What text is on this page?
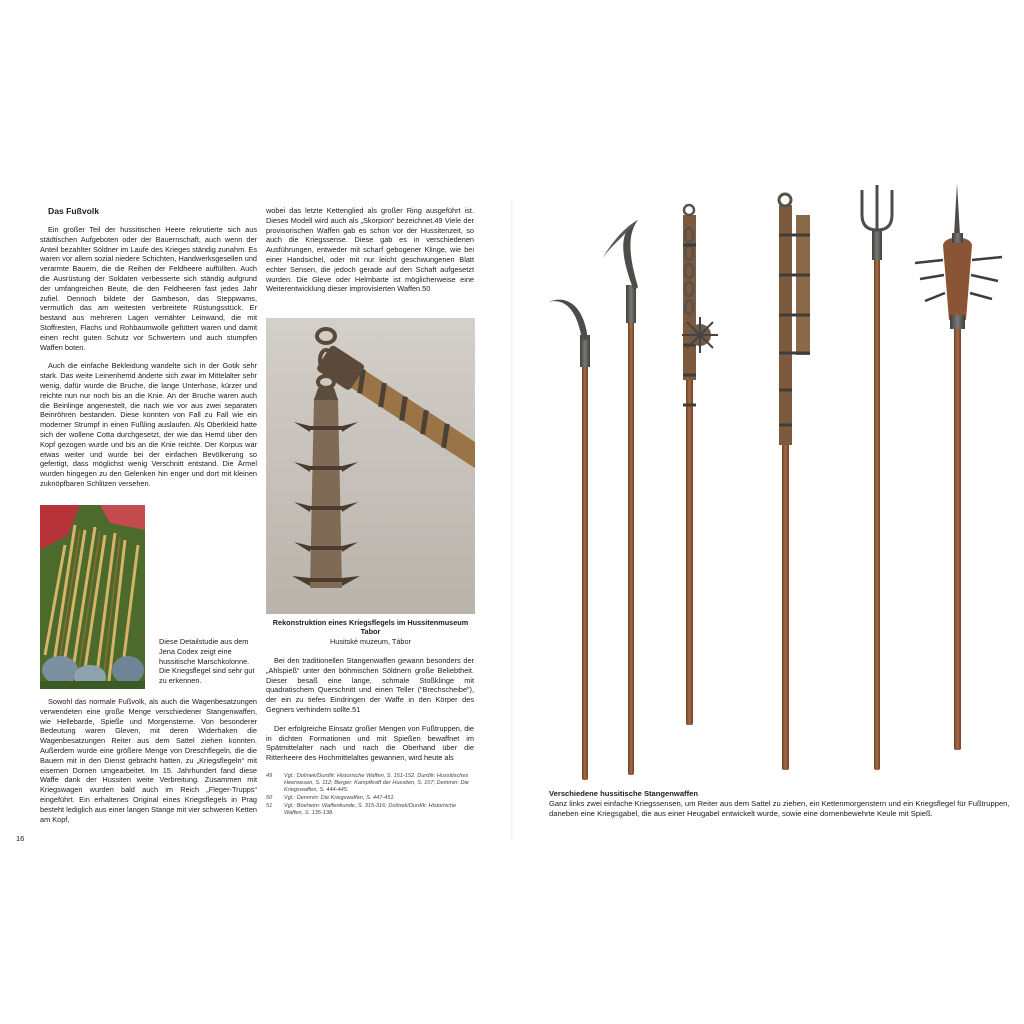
Das Fußvolk

Ein großer Teil der hussitischen Heere rekrutierte sich aus städtischen Aufgeboten oder der Bauernschaft, auch wenn der Anteil bezahlter Söldner im Laufe des Krieges ständig zunahm. Es waren vor allem sozial niedere Schichten, Handwerksgesellen und verarmte Bauern, die die Reihen der Feldheere auffüllten. Auch die Ausrüstung der Soldaten verbesserte sich ständig aufgrund der umfangreichen Beute, die den Feldheeren fast jedes Jahr zufiel. Dennoch bildete der Gambeson, das Steppwams, vermutlich das am weitesten verbreitete Rüstungsstück. Er bestand aus mehreren Lagen vernähter Leinwand, die mit Stoffresten, Flachs und Rohbaumwolle gefüttert waren und damit einen recht guten Schutz vor Schwertern und auch stumpfen Waffen boten.

Auch die einfache Bekleidung wandelte sich in der Gotik sehr stark. Das weite Leinenhemd änderte sich zwar im Mittelalter sehr wenig, dafür wurde die Bruche, die lange Unterhose, kürzer und reichte nun nur noch bis an die Knie. An der Bruche waren auch die Beinlinge angenestelt, die nach wie vor aus zwei separaten Beinröhren bestanden. Diese konnten von Fall zu Fall wie ein moderner Strumpf in einen Fußling auslaufen. Als Oberkleid hatte sich der wollene Cotta durchgesetzt, der wie das Hemd über den Kopf gezogen wurde und bis an die Knie reichte. Der Korpus war etwas weiter und wurde bei der einfachen Bevölkerung so gefertigt, dass möglichst wenig Verschnitt entstand. Die Ärmel wurden hingegen zu den Gelenken hin enger und dort mit kleinen zuknöpfbaren Schlitzen versehen.

Diese Detailstudie aus dem Jena Codex zeigt eine hussitische Marschkolonne. Die Kriegsflegel sind sehr gut zu erkennen.

Sowohl das normale Fußvolk, als auch die Wagenbesatzungen verwendeten eine große Menge verschiedener Stangenwaffen, wie Hellebarde, Spieße und Morgensterne. Von besonderer Bedeutung waren Gleven, mit deren Widerhaken die Wagenbesatzungen Reiter aus dem Sattel ziehen konnten. Außerdem wurde eine größere Menge von Dreschflegeln, die die Bauern mit in den Dienst gebracht hatten, zu „Kriegsflegeln“ mit eisernen Dornen umgearbeitet. Im 15. Jahrhundert fand diese Waffe dank der Hussiten weite Verbreitung. Zusammen mit Kriegswagen wurden bald auch im Reich „Fleger-Trupps“ eingeführt. Ein erhaltenes Original eines Kriegsflegels in Prag besteht lediglich aus einer langen Stange mit vier schweren Ketten am Kopf,

wobei das letzte Kettenglied als großer Ring ausgeführt ist. Dieses Modell wird auch als „Skorpion“ bezeichnet.49 Viele der provisorischen Waffen gab es schon vor der Hussitenzeit, so auch die Kriegssense. Diese gab es in verschiedenen Ausführungen, entweder mit scharf gebogener Klinge, wie bei einer Handsichel, oder mit nur leicht geschwungenen Blatt echter Sensen, die jedoch gerade auf den Schaft aufgesetzt wurden. Die Gleve oder Helmbarte ist möglicherweise eine Weiterentwicklung dieser improvisierten Waffen.50

Rekonstruktion eines Kriegsflegels im Hussitenmuseum Tabor
Husitské muzeum, Tábor

Bei den traditionellen Stangenwaffen gewann besonders der „Ahlspieß“ unter den böhmischen Söldnern große Beliebtheit. Dieser besaß eine lange, schmale Stoßklinge mit quadratischem Querschnitt und einen Teller (“Brechscheibe”), der ein zu tiefes Eindringen der Waffe in den Körper des Gegners verhindern sollte.51

Der erfolgreiche Einsatz großer Mengen von Fußtruppen, die in dichten Formationen und mit Spießen bewaffnet im Spätmittelalter nach und nach die Oberhand über die Ritterheere des Hochmittelaltes gewannen, wird heute als

49	Vgl.: Dolínek/Durdík: Historische Waffen, S. 151-152. Durdík: Hussitisches Heerwesen, S. 112; Berger: Kampfkraft der Hussiten, S. 107; Demmin: Die Kriegswaffen, S. 444-445.
50	Vgl.: Demmin: Die Kriegswaffen, S. 447-451.
51	Vgl.: Boeheim: Waffenkunde, S. 315-316; Dolínek/Durdík: Historische Waffen, S. 135-138.
16
Verschiedene hussitische Stangenwaffen
Ganz links zwei einfache Kriegssensen, um Reiter aus dem Sattel zu ziehen, ein Kettenmorgenstern und ein Kriegsflegel für Fußtruppen, daneben eine Kriegsgabel, die aus einer Heugabel entwickelt wurde, sowie eine dornenbewehrte Keule mit Spieß.
